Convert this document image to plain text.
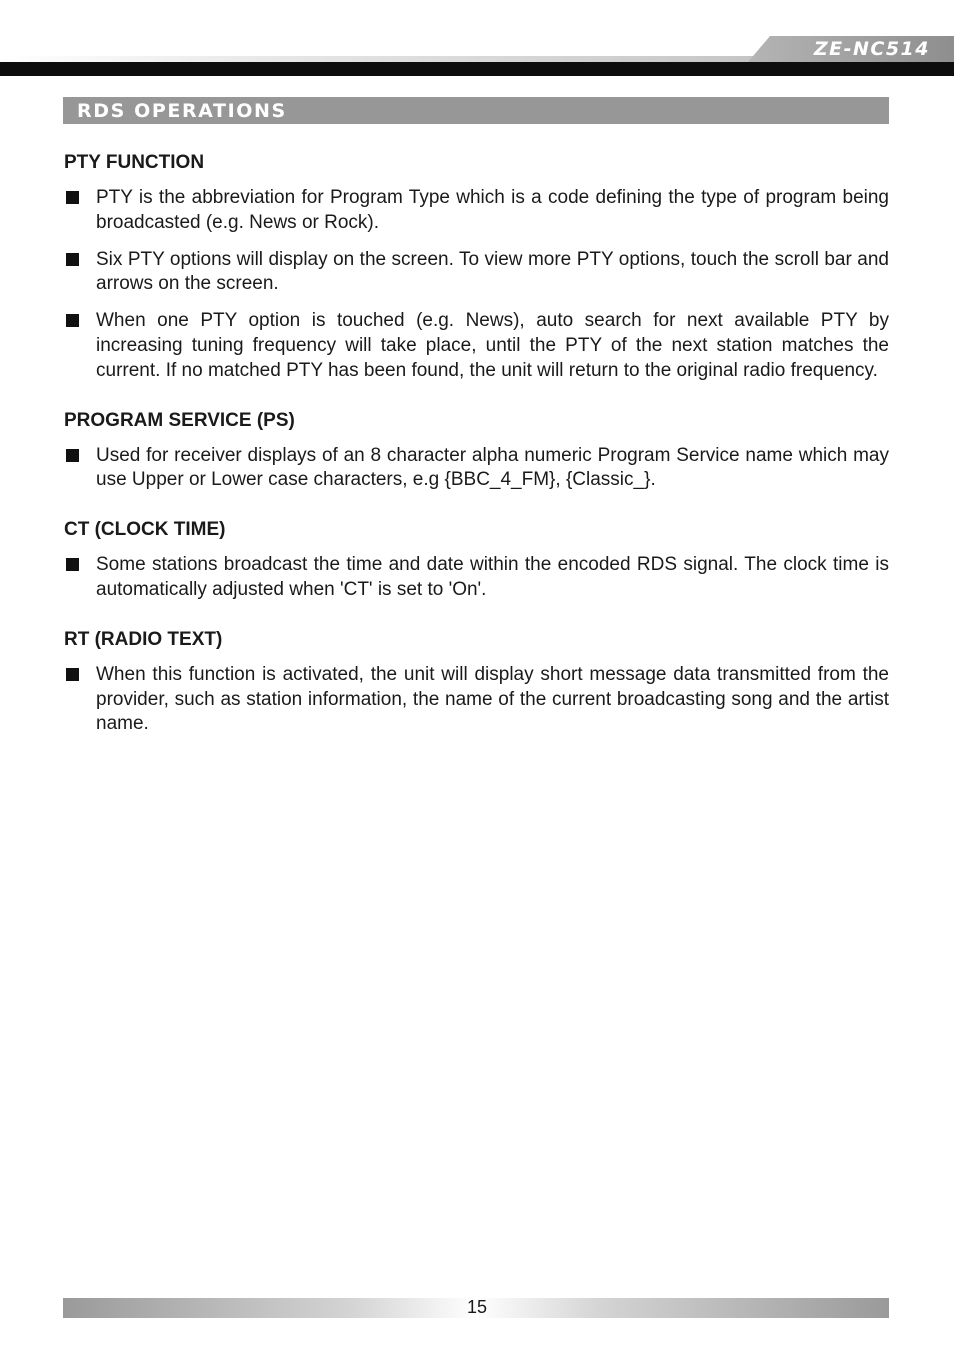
ZE-NC514
RDS OPERATIONS
PTY FUNCTION
PTY is the abbreviation for Program Type which is a code defining the type of program being broadcasted (e.g. News or Rock).
Six PTY options will display on the screen. To view more PTY options, touch the scroll bar and arrows on the screen.
When one PTY option is touched (e.g. News), auto search for next available PTY by increasing tuning frequency will take place, until the PTY of the next station matches the current. If no matched PTY has been found, the unit will return to the original radio frequency.
PROGRAM SERVICE (PS)
Used for receiver displays of an 8 character alpha numeric Program Service name which may use Upper or Lower case characters, e.g {BBC_4_FM}, {Classic_}.
CT (CLOCK TIME)
Some stations broadcast the time and date within the encoded RDS signal. The clock time is automatically adjusted when 'CT' is set to 'On'.
RT (RADIO TEXT)
When this function is activated, the unit will display short message data transmitted from the provider, such as station information, the name of the current broadcasting song and the artist name.
15
